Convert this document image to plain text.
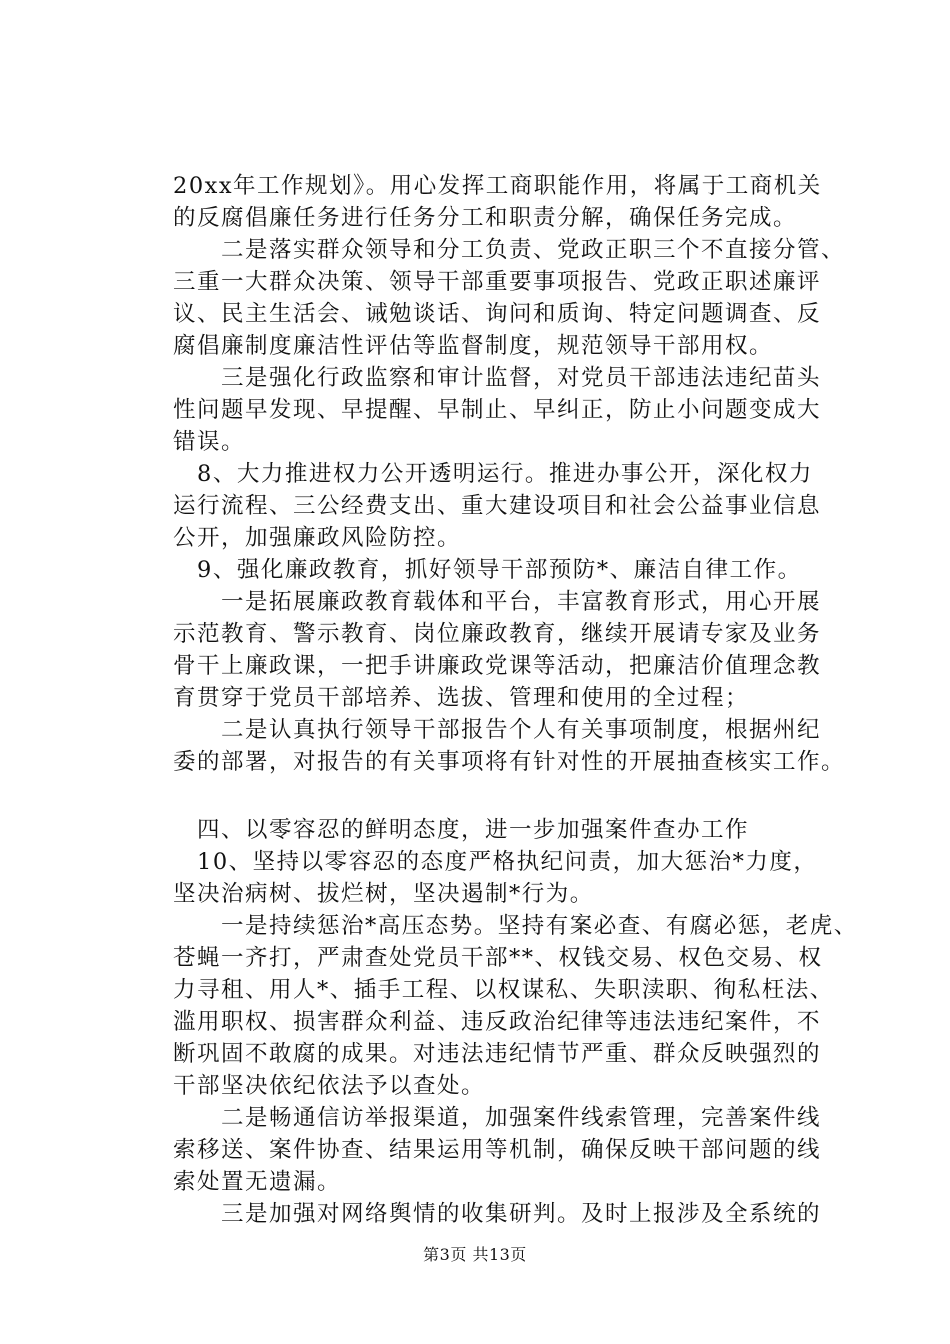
20xx年工作规划》。用心发挥工商职能作用，将属于工商机关
的反腐倡廉任务进行任务分工和职责分解，确保任务完成。
　　二是落实群众领导和分工负责、党政正职三个不直接分管、
三重一大群众决策、领导干部重要事项报告、党政正职述廉评
议、民主生活会、诫勉谈话、询问和质询、特定问题调查、反
腐倡廉制度廉洁性评估等监督制度，规范领导干部用权。
　　三是强化行政监察和审计监督，对党员干部违法违纪苗头
性问题早发现、早提醒、早制止、早纠正，防止小问题变成大
错误。
　8、大力推进权力公开透明运行。推进办事公开，深化权力
运行流程、三公经费支出、重大建设项目和社会公益事业信息
公开，加强廉政风险防控。
　9、强化廉政教育，抓好领导干部预防*、廉洁自律工作。
　　一是拓展廉政教育载体和平台，丰富教育形式，用心开展
示范教育、警示教育、岗位廉政教育，继续开展请专家及业务
骨干上廉政课，一把手讲廉政党课等活动，把廉洁价值理念教
育贯穿于党员干部培养、选拔、管理和使用的全过程；
　　二是认真执行领导干部报告个人有关事项制度，根据州纪
委的部署，对报告的有关事项将有针对性的开展抽查核实工作。
　四、以零容忍的鲜明态度，进一步加强案件查办工作
　10、坚持以零容忍的态度严格执纪问责，加大惩治*力度，
坚决治病树、拔烂树，坚决遏制*行为。
　　一是持续惩治*高压态势。坚持有案必查、有腐必惩，老虎、
苍蝇一齐打，严肃查处党员干部**、权钱交易、权色交易、权
力寻租、用人*、插手工程、以权谋私、失职渎职、徇私枉法、
滥用职权、损害群众利益、违反政治纪律等违法违纪案件，不
断巩固不敢腐的成果。对违法违纪情节严重、群众反映强烈的
干部坚决依纪依法予以查处。
　　二是畅通信访举报渠道，加强案件线索管理，完善案件线
索移送、案件协查、结果运用等机制，确保反映干部问题的线
索处置无遗漏。
　　三是加强对网络舆情的收集研判。及时上报涉及全系统的
第3页 共13页
